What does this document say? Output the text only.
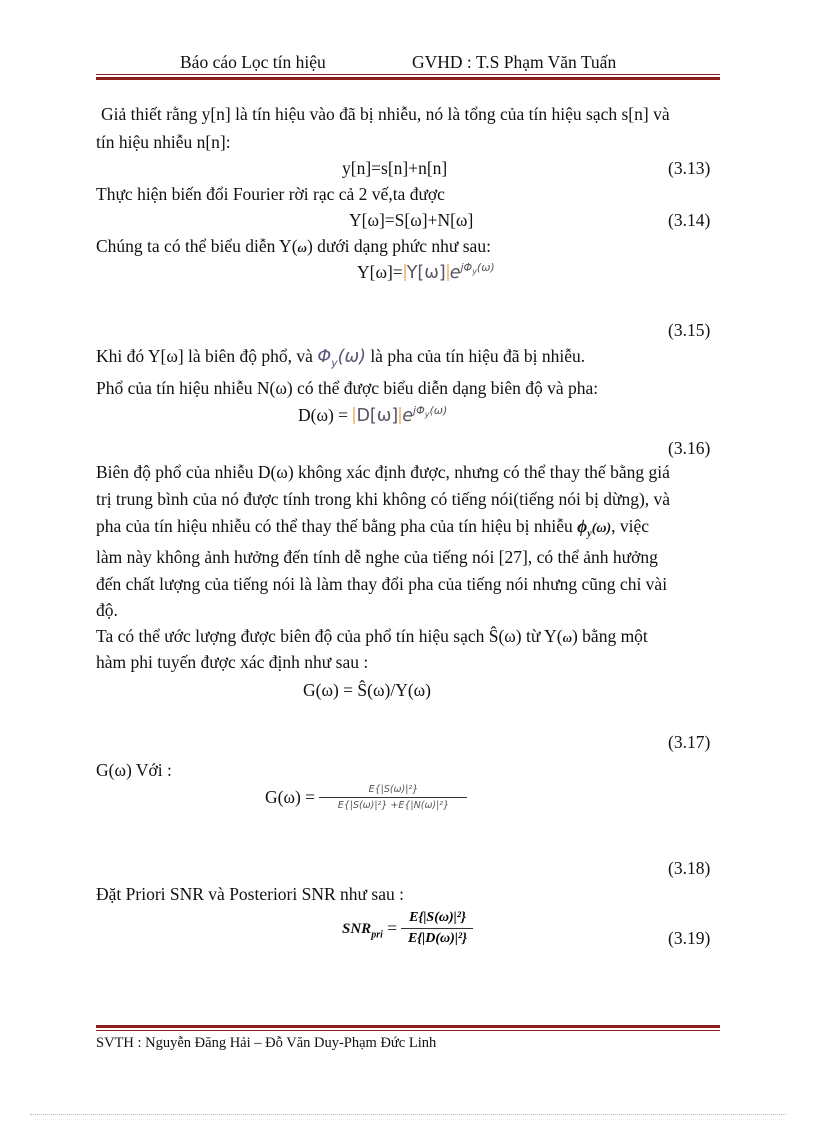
Báo cáo Lọc tín hiệu	GVHD : T.S Phạm Văn Tuấn
Giả thiết rằng y[n] là tín hiệu vào đã bị nhiễu, nó là tổng của tín hiệu sạch s[n] và
tín hiệu nhiễu n[n]:
y[n]=s[n]+n[n]	(3.13)
Thực hiện biến đổi Fourier rời rạc cả 2 vế,ta được
Y[ω]=S[ω]+N[ω]	(3.14)
Chúng ta có thể biểu diễn Y(ω) dưới dạng phức như sau:
Y[ω]= Y[ω] $e^{j\Phi_y(\omega)}$
(3.15)
Khi đó Y[ω] là biên độ phổ, và $\Phi_y(\omega)$ là pha của tín hiệu đã bị nhiễu.
Phổ của tín hiệu nhiễu N(ω) có thể được biểu diễn dạng biên độ và pha:
D(ω) = D[ω] $e^{j\Phi_y(\omega)}$
(3.16)
Biên độ phổ của nhiễu D(ω) không xác định được, nhưng có thể thay thế bằng giá
trị trung bình của nó được tính trong khi không có tiếng nói(tiếng nói bị dừng), và
pha của tín hiệu nhiễu có thể thay thế bằng pha của tín hiệu bị nhiễu $\phi_y(\omega)$, việc
làm này không ảnh hưởng đến tính dễ nghe của tiếng nói [27], có thể ảnh hưởng
đến chất lượng của tiếng nói là làm thay đổi pha của tiếng nói nhưng cũng chỉ vài
độ.
Ta có thể ước lượng được biên độ của phổ tín hiệu sạch Ŝ(ω) từ Y(ω) bằng một
hàm phi tuyến được xác định như sau :
G(ω) = Ŝ(ω)/Y(ω)
(3.17)
G(ω) Với :
$G(\omega) = \frac{\text{E\{|S(ω)|²\}}}{\text{E\{|S(ω)|²\} +E\{|N(ω)|²\}}}$
(3.18)
Đặt Priori SNR và Posteriori SNR như sau :
$SNR_{pri} = \frac{\text{E\{|S(ω)|²\}}}{\text{E\{|D(ω)|²\}}}$	(3.19)
SVTH : Nguyễn Đăng Hải – Đỗ Văn Duy-Phạm Đức Linh
